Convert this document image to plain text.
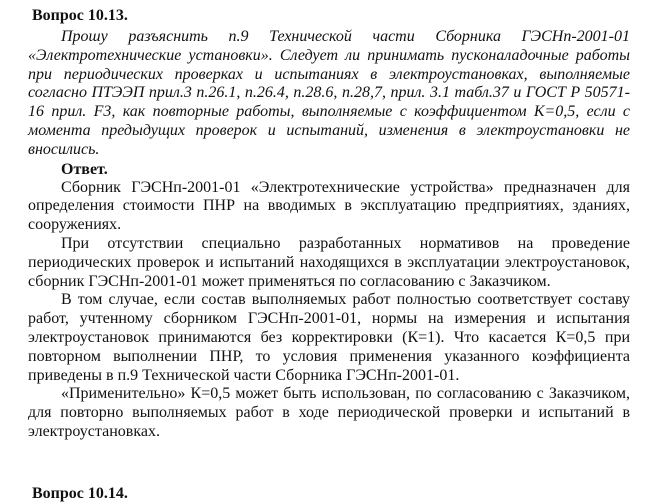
Вопрос 10.13.

Прошу разъяснить п.9 Технической части Сборника ГЭСНп-2001-01 «Электротехнические установки». Следует ли принимать пусконаладочные работы при периодических проверках и испытаниях в электроустановках, выполняемые согласно ПТЭЭП прил.3 п.26.1, п.26.4, п.28.6, п.28,7, прил. 3.1 табл.37 и ГОСТ Р 50571-16 прил. F3, как повторные работы, выполняемые с коэффициентом К=0,5, если с момента предыдущих проверок и испытаний, изменения в электроустановки не вносились.

Ответ.

Сборник ГЭСНп-2001-01 «Электротехнические устройства» предназначен для определения стоимости ПНР на вводимых в эксплуатацию предприятиях, зданиях, сооружениях.

При отсутствии специально разработанных нормативов на проведение периодических проверок и испытаний находящихся в эксплуатации электроустановок, сборник ГЭСНп-2001-01 может применяться по согласованию с Заказчиком.

В том случае, если состав выполняемых работ полностью соответствует составу работ, учтенному сборником ГЭСНп-2001-01, нормы на измерения и испытания электроустановок принимаются без корректировки (К=1). Что касается К=0,5 при повторном выполнении ПНР, то условия применения указанного коэффициента приведены в п.9 Технической части Сборника ГЭСНп-2001-01.

«Применительно» К=0,5 может быть использован, по согласованию с Заказчиком, для повторно выполняемых работ в ходе периодической проверки и испытаний в электроустановках.

Вопрос 10.14.
